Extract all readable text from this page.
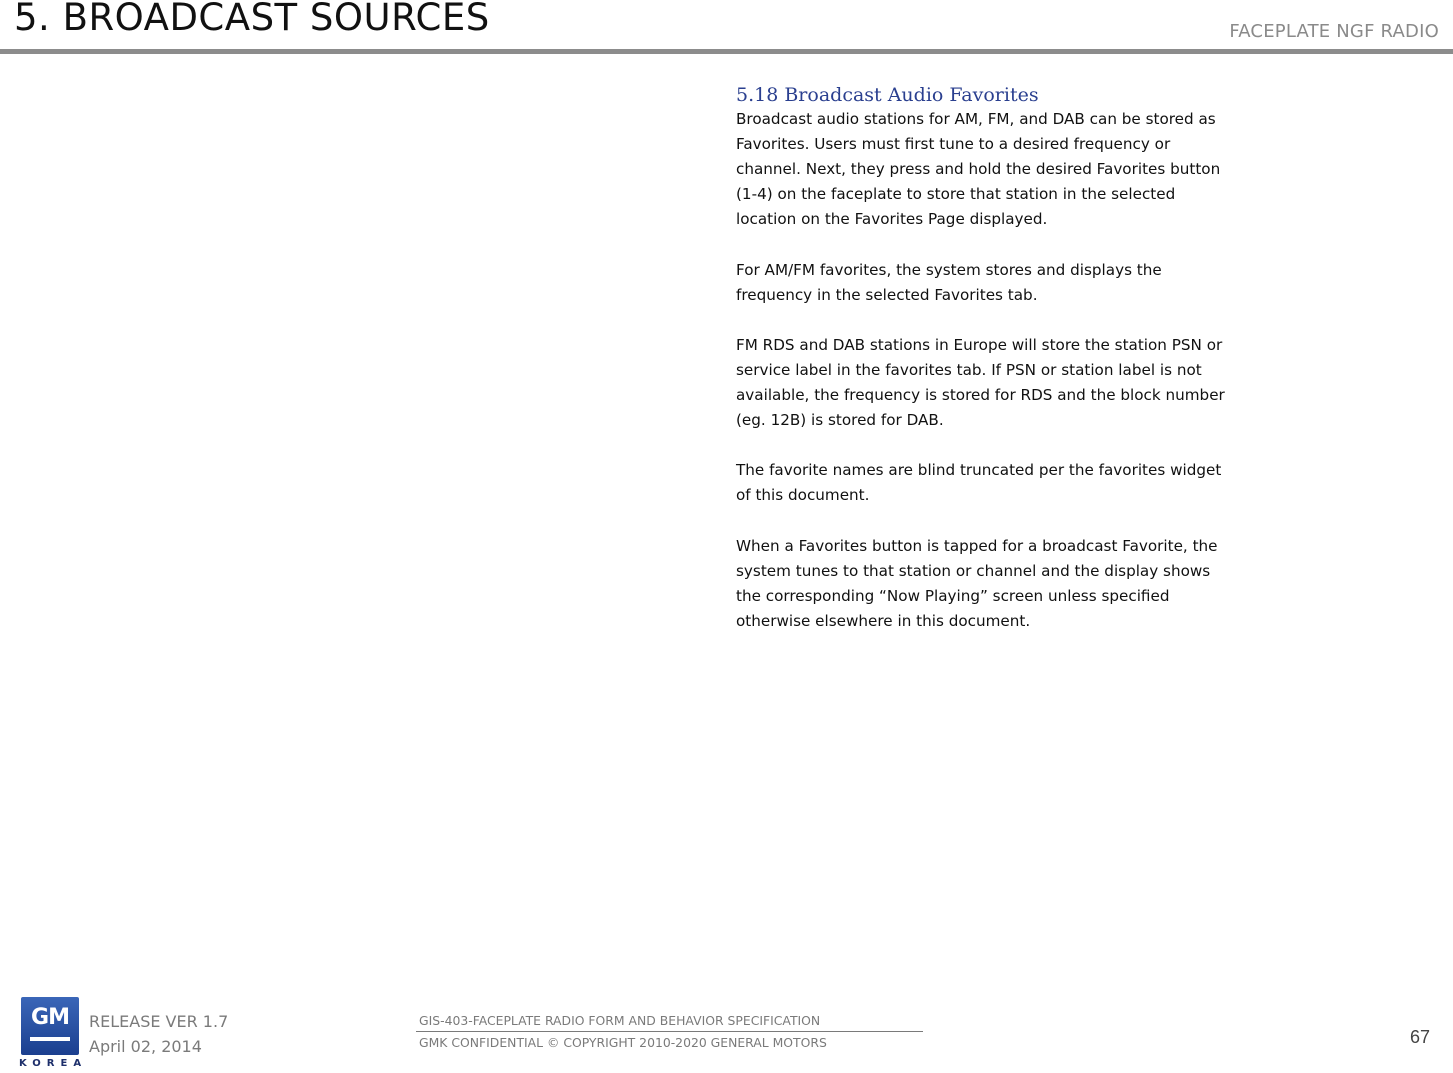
5. BROADCAST SOURCES	FACEPLATE NGF RADIO
5.18 Broadcast Audio Favorites

Broadcast audio stations for AM, FM, and DAB can be stored as Favorites. Users must first tune to a desired frequency or channel. Next, they press and hold the desired Favorites button (1-4) on the faceplate to store that station in the selected location on the Favorites Page displayed.

For AM/FM favorites, the system stores and displays the frequency in the selected Favorites tab.

FM RDS and DAB stations in Europe will store the station PSN or service label in the favorites tab. If PSN or station label is not available, the frequency is stored for RDS and the block number (eg. 12B) is stored for DAB.

The favorite names are blind truncated per the favorites widget of this document.

When a Favorites button is tapped for a broadcast Favorite, the system tunes to that station or channel and the display shows the corresponding “Now Playing” screen unless specified otherwise elsewhere in this document.

GM
KOREA
RELEASE VER 1.7
April 02, 2014
GIS-403-FACEPLATE RADIO FORM AND BEHAVIOR SPECIFICATION
GMK CONFIDENTIAL © COPYRIGHT 2010-2020 GENERAL MOTORS	67
